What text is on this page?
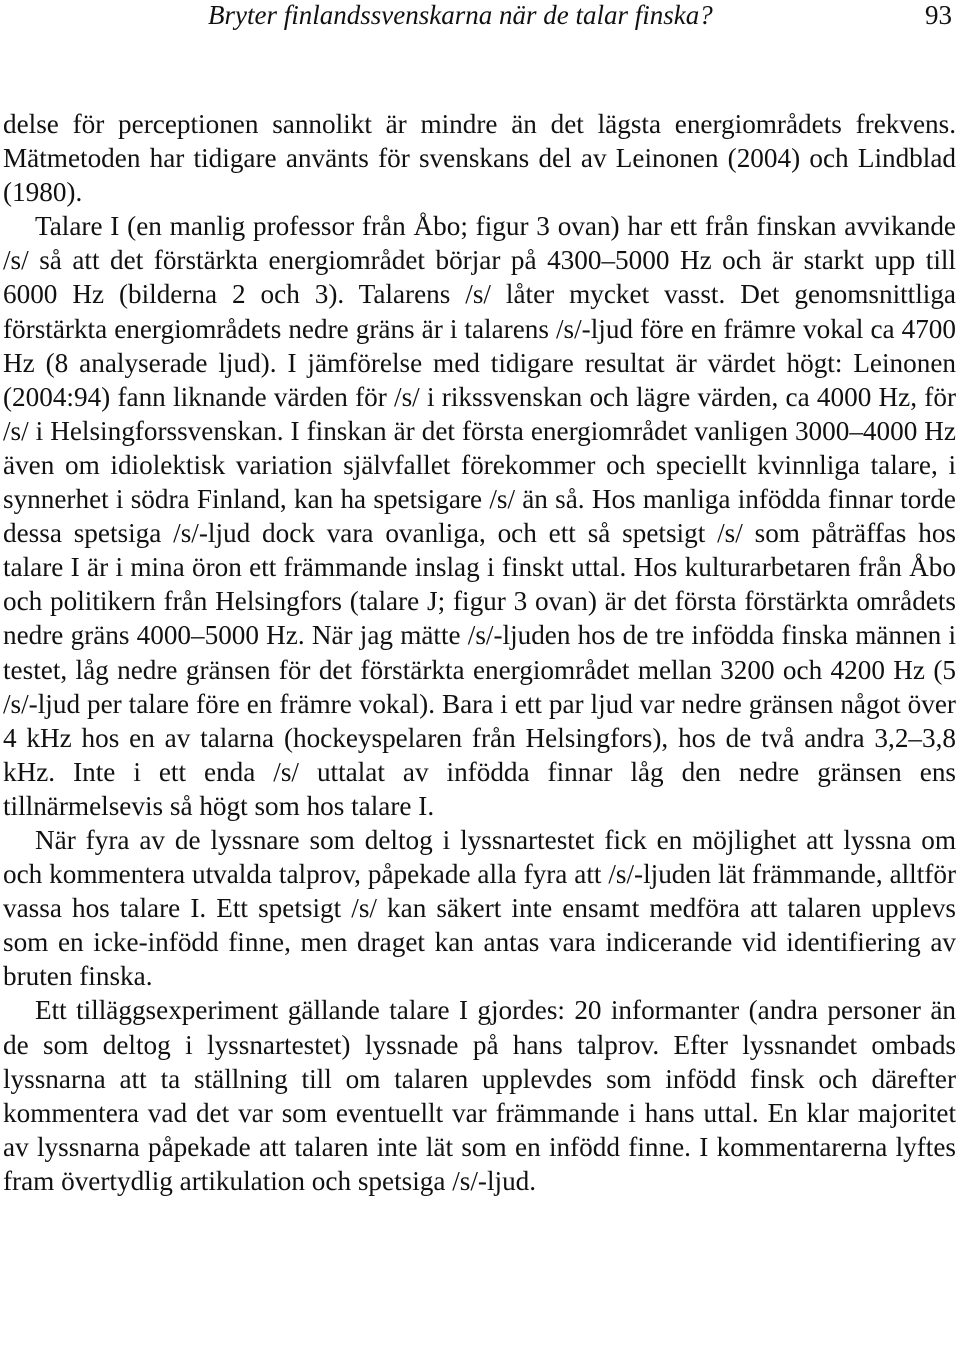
Bryter finlandssvenskarna när de talar finska?	93

delse för perceptionen sannolikt är mindre än det lägsta energiområdets frekvens. Mätmetoden har tidigare använts för svenskans del av Leinonen (2004) och Lindblad (1980).

Talare I (en manlig professor från Åbo; figur 3 ovan) har ett från finskan avvikande /s/ så att det förstärkta energiområdet börjar på 4300–5000 Hz och är starkt upp till 6000 Hz (bilderna 2 och 3). Talarens /s/ låter mycket vasst. Det genomsnittliga förstärkta energiområdets nedre gräns är i talarens /s/-ljud före en främre vokal ca 4700 Hz (8 analyserade ljud). I jämförelse med tidigare resultat är värdet högt: Leinonen (2004:94) fann liknande värden för /s/ i rikssvenskan och lägre värden, ca 4000 Hz, för /s/ i Helsingforssvenskan. I finskan är det första energiområdet vanligen 3000–4000 Hz även om idiolektisk variation självfallet förekommer och speciellt kvinnliga talare, i synnerhet i södra Finland, kan ha spetsigare /s/ än så. Hos manliga infödda finnar torde dessa spetsiga /s/-ljud dock vara ovanliga, och ett så spetsigt /s/ som påträffas hos talare I är i mina öron ett främmande inslag i finskt uttal. Hos kulturarbetaren från Åbo och politikern från Helsingfors (talare J; figur 3 ovan) är det första förstärkta områdets nedre gräns 4000–5000 Hz. När jag mätte /s/-ljuden hos de tre infödda finska männen i testet, låg nedre gränsen för det förstärkta energiområdet mellan 3200 och 4200 Hz (5 /s/-ljud per talare före en främre vokal). Bara i ett par ljud var nedre gränsen något över 4 kHz hos en av talarna (hockeyspelaren från Helsingfors), hos de två andra 3,2–3,8 kHz. Inte i ett enda /s/ uttalat av infödda finnar låg den nedre gränsen ens tillnärmelsevis så högt som hos talare I.

När fyra av de lyssnare som deltog i lyssnartestet fick en möjlighet att lyssna om och kommentera utvalda talprov, påpekade alla fyra att /s/-ljuden lät främmande, alltför vassa hos talare I. Ett spetsigt /s/ kan säkert inte ensamt medföra att talaren upplevs som en icke-infödd finne, men draget kan antas vara indicerande vid identifiering av bruten finska.

Ett tilläggsexperiment gällande talare I gjordes: 20 informanter (andra personer än de som deltog i lyssnartestet) lyssnade på hans talprov. Efter lyssnandet ombads lyssnarna att ta ställning till om talaren upplevdes som infödd finsk och därefter kommentera vad det var som eventuellt var främmande i hans uttal. En klar majoritet av lyssnarna påpekade att talaren inte lät som en infödd finne. I kommentarerna lyftes fram övertydlig artikulation och spetsiga /s/-ljud.
